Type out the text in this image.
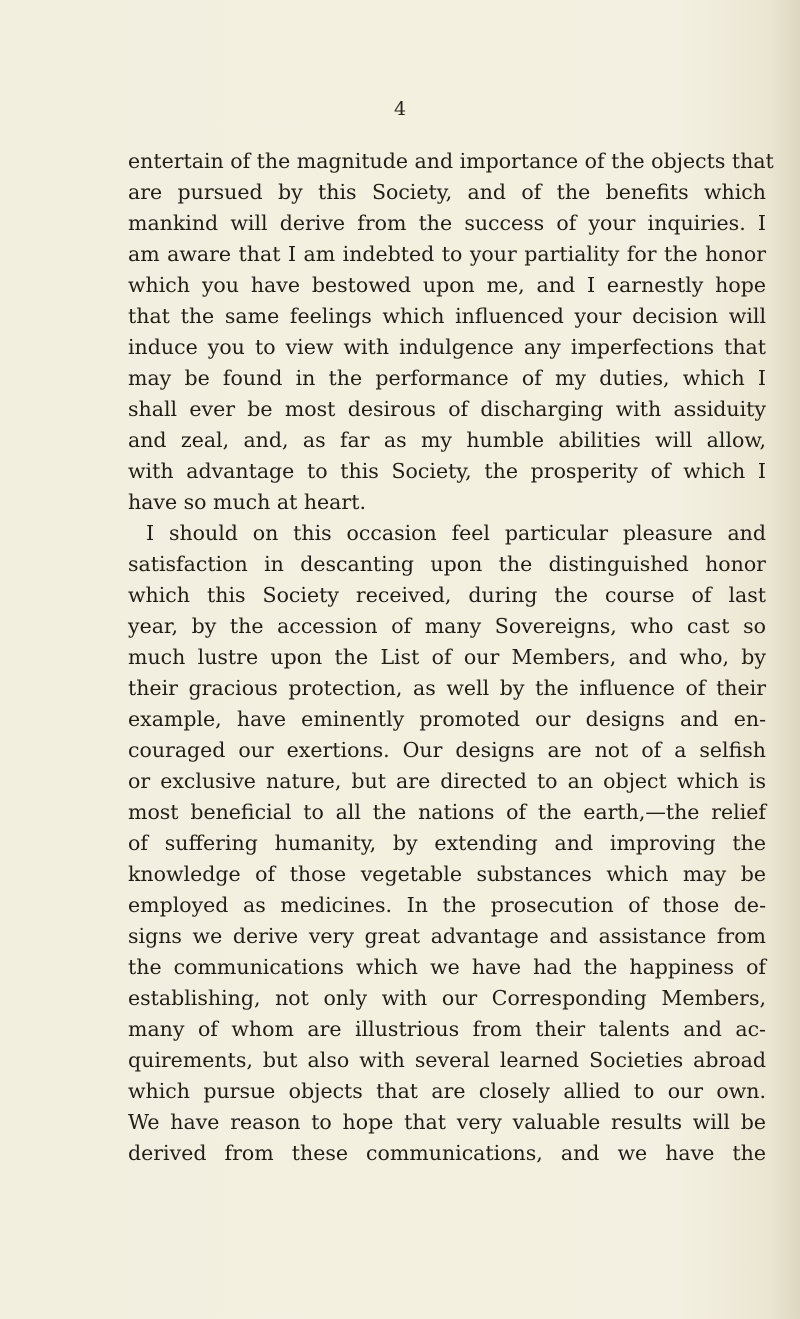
4
entertain of the magnitude and importance of the objects that
are pursued by this Society, and of the benefits which
mankind will derive from the success of your inquiries. I
am aware that I am indebted to your partiality for the honor
which you have bestowed upon me, and I earnestly hope
that the same feelings which influenced your decision will
induce you to view with indulgence any imperfections that
may be found in the performance of my duties, which I
shall ever be most desirous of discharging with assiduity
and zeal, and, as far as my humble abilities will allow,
with advantage to this Society, the prosperity of which I
have so much at heart.
I should on this occasion feel particular pleasure and
satisfaction in descanting upon the distinguished honor
which this Society received, during the course of last
year, by the accession of many Sovereigns, who cast so
much lustre upon the List of our Members, and who, by
their gracious protection, as well by the influence of their
example, have eminently promoted our designs and en-
couraged our exertions. Our designs are not of a selfish
or exclusive nature, but are directed to an object which is
most beneficial to all the nations of the earth,—the relief
of suffering humanity, by extending and improving the
knowledge of those vegetable substances which may be
employed as medicines. In the prosecution of those de-
signs we derive very great advantage and assistance from
the communications which we have had the happiness of
establishing, not only with our Corresponding Members,
many of whom are illustrious from their talents and ac-
quirements, but also with several learned Societies abroad
which pursue objects that are closely allied to our own.
We have reason to hope that very valuable results will be
derived from these communications, and we have the
